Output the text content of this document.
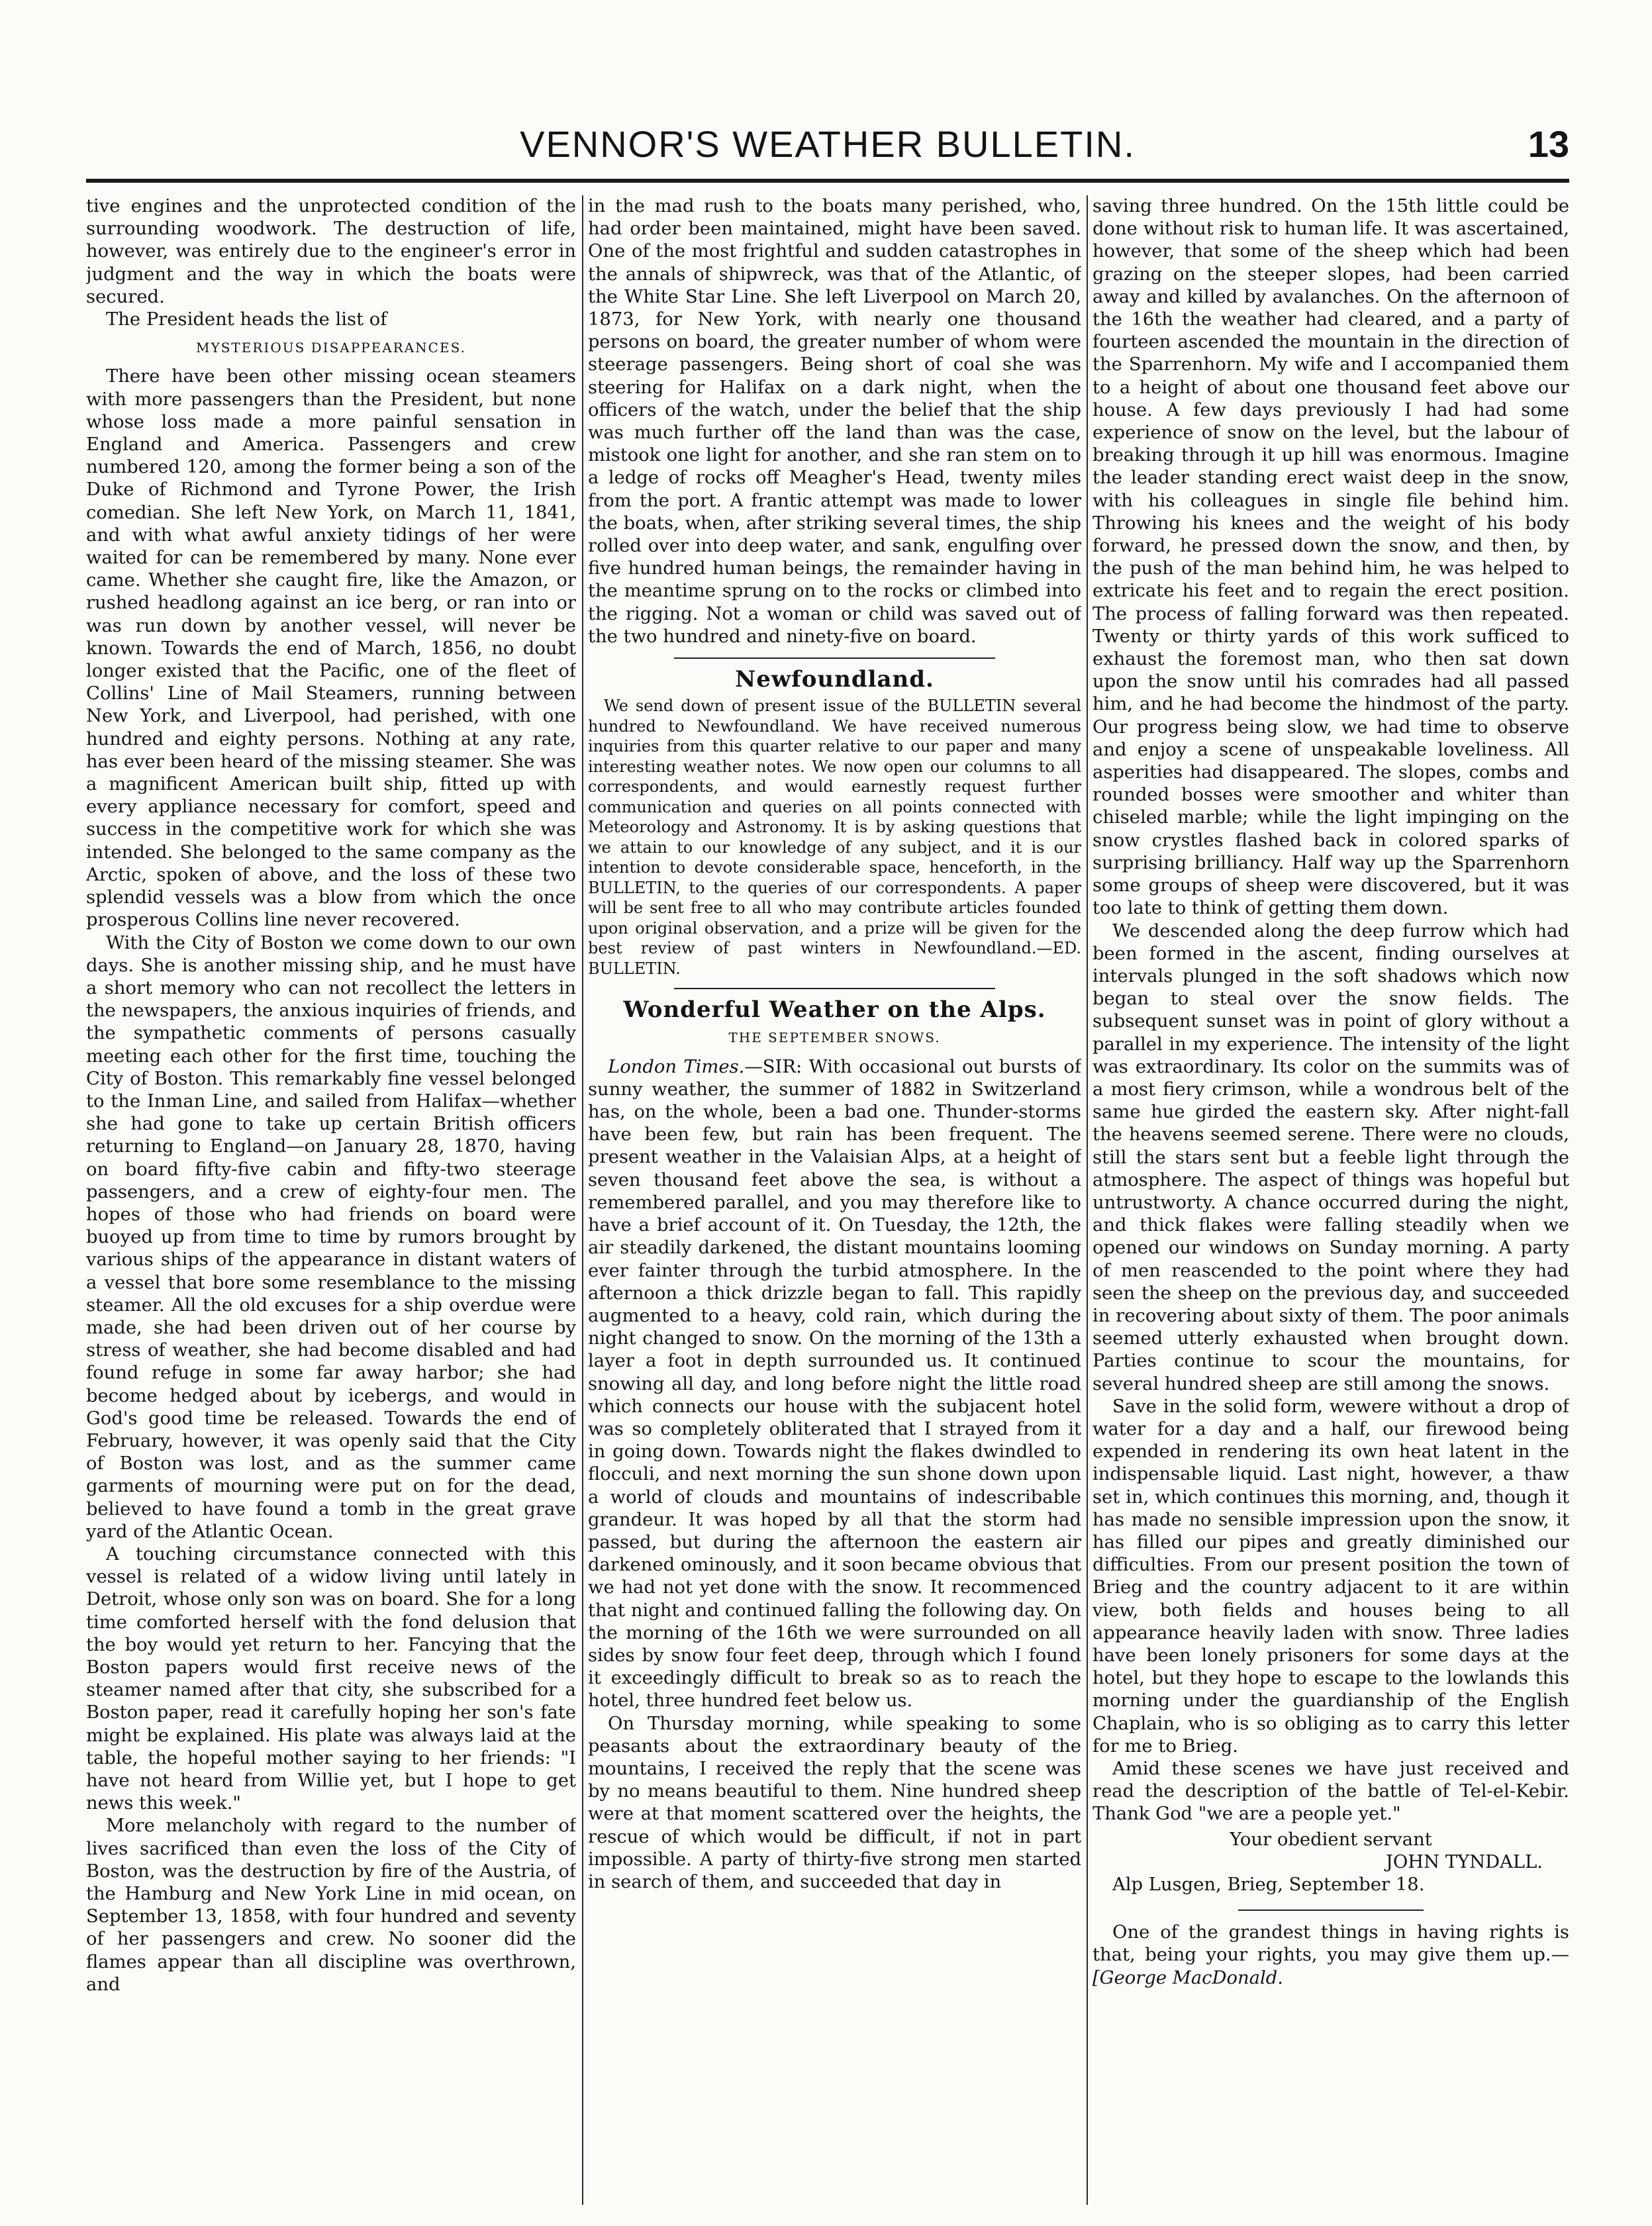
VENNOR'S WEATHER BULLETIN.	13

tive engines and the unprotected condition of the surrounding woodwork. The destruction of life, however, was entirely due to the engineer's error in judgment and the way in which the boats were secured.

The President heads the list of

MYSTERIOUS DISAPPEARANCES.

There have been other missing ocean steamers with more passengers than the President, but none whose loss made a more painful sensation in England and America. Passengers and crew numbered 120, among the former being a son of the Duke of Richmond and Tyrone Power, the Irish comedian. She left New York, on March 11, 1841, and with what awful anxiety tidings of her were waited for can be remembered by many. None ever came. Whether she caught fire, like the Amazon, or rushed headlong against an ice berg, or ran into or was run down by another vessel, will never be known. Towards the end of March, 1856, no doubt longer existed that the Pacific, one of the fleet of Collins' Line of Mail Steamers, running between New York, and Liverpool, had perished, with one hundred and eighty persons. Nothing at any rate, has ever been heard of the missing steamer. She was a magnificent American built ship, fitted up with every appliance necessary for comfort, speed and success in the competitive work for which she was intended. She belonged to the same company as the Arctic, spoken of above, and the loss of these two splendid vessels was a blow from which the once prosperous Collins line never recovered.

With the City of Boston we come down to our own days. She is another missing ship, and he must have a short memory who can not recollect the letters in the newspapers, the anxious inquiries of friends, and the sympathetic comments of persons casually meeting each other for the first time, touching the City of Boston. This remarkably fine vessel belonged to the Inman Line, and sailed from Halifax—whether she had gone to take up certain British officers returning to England—on January 28, 1870, having on board fifty-five cabin and fifty-two steerage passengers, and a crew of eighty-four men. The hopes of those who had friends on board were buoyed up from time to time by rumors brought by various ships of the appearance in distant waters of a vessel that bore some resemblance to the missing steamer. All the old excuses for a ship overdue were made, she had been driven out of her course by stress of weather, she had become disabled and had found refuge in some far away harbor; she had become hedged about by icebergs, and would in God's good time be released. Towards the end of February, however, it was openly said that the City of Boston was lost, and as the summer came garments of mourning were put on for the dead, believed to have found a tomb in the great grave yard of the Atlantic Ocean.

A touching circumstance connected with this vessel is related of a widow living until lately in Detroit, whose only son was on board. She for a long time comforted herself with the fond delusion that the boy would yet return to her. Fancying that the Boston papers would first receive news of the steamer named after that city, she subscribed for a Boston paper, read it carefully hoping her son's fate might be explained. His plate was always laid at the table, the hopeful mother saying to her friends: "I have not heard from Willie yet, but I hope to get news this week."

More melancholy with regard to the number of lives sacrificed than even the loss of the City of Boston, was the destruction by fire of the Austria, of the Hamburg and New York Line in mid ocean, on September 13, 1858, with four hundred and seventy of her passengers and crew. No sooner did the flames appear than all discipline was overthrown, and

in the mad rush to the boats many perished, who, had order been maintained, might have been saved. One of the most frightful and sudden catastrophes in the annals of shipwreck, was that of the Atlantic, of the White Star Line. She left Liverpool on March 20, 1873, for New York, with nearly one thousand persons on board, the greater number of whom were steerage passengers. Being short of coal she was steering for Halifax on a dark night, when the officers of the watch, under the belief that the ship was much further off the land than was the case, mistook one light for another, and she ran stem on to a ledge of rocks off Meagher's Head, twenty miles from the port. A frantic attempt was made to lower the boats, when, after striking several times, the ship rolled over into deep water, and sank, engulfing over five hundred human beings, the remainder having in the meantime sprung on to the rocks or climbed into the rigging. Not a woman or child was saved out of the two hundred and ninety-five on board.

Newfoundland.

We send down of present issue of the BULLETIN several hundred to Newfoundland. We have received numerous inquiries from this quarter relative to our paper and many interesting weather notes. We now open our columns to all correspondents, and would earnestly request further communication and queries on all points connected with Meteorology and Astronomy. It is by asking questions that we attain to our knowledge of any subject, and it is our intention to devote considerable space, henceforth, in the BULLETIN, to the queries of our correspondents. A paper will be sent free to all who may contribute articles founded upon original observation, and a prize will be given for the best review of past winters in Newfoundland.—ED. BULLETIN.

Wonderful Weather on the Alps.
THE SEPTEMBER SNOWS.

London Times.—SIR: With occasional out bursts of sunny weather, the summer of 1882 in Switzerland has, on the whole, been a bad one. Thunder-storms have been few, but rain has been frequent. The present weather in the Valaisian Alps, at a height of seven thousand feet above the sea, is without a remembered parallel, and you may therefore like to have a brief account of it. On Tuesday, the 12th, the air steadily darkened, the distant mountains looming ever fainter through the turbid atmosphere. In the afternoon a thick drizzle began to fall. This rapidly augmented to a heavy, cold rain, which during the night changed to snow. On the morning of the 13th a layer a foot in depth surrounded us. It continued snowing all day, and long before night the little road which connects our house with the subjacent hotel was so completely obliterated that I strayed from it in going down. Towards night the flakes dwindled to flocculi, and next morning the sun shone down upon a world of clouds and mountains of indescribable grandeur. It was hoped by all that the storm had passed, but during the afternoon the eastern air darkened ominously, and it soon became obvious that we had not yet done with the snow. It recommenced that night and continued falling the following day. On the morning of the 16th we were surrounded on all sides by snow four feet deep, through which I found it exceedingly difficult to break so as to reach the hotel, three hundred feet below us.

On Thursday morning, while speaking to some peasants about the extraordinary beauty of the mountains, I received the reply that the scene was by no means beautiful to them. Nine hundred sheep were at that moment scattered over the heights, the rescue of which would be difficult, if not in part impossible. A party of thirty-five strong men started in search of them, and succeeded that day in

saving three hundred. On the 15th little could be done without risk to human life. It was ascertained, however, that some of the sheep which had been grazing on the steeper slopes, had been carried away and killed by avalanches. On the afternoon of the 16th the weather had cleared, and a party of fourteen ascended the mountain in the direction of the Sparrenhorn. My wife and I accompanied them to a height of about one thousand feet above our house. A few days previously I had had some experience of snow on the level, but the labour of breaking through it up hill was enormous. Imagine the leader standing erect waist deep in the snow, with his colleagues in single file behind him. Throwing his knees and the weight of his body forward, he pressed down the snow, and then, by the push of the man behind him, he was helped to extricate his feet and to regain the erect position. The process of falling forward was then repeated. Twenty or thirty yards of this work sufficed to exhaust the foremost man, who then sat down upon the snow until his comrades had all passed him, and he had become the hindmost of the party. Our progress being slow, we had time to observe and enjoy a scene of unspeakable loveliness. All asperities had disappeared. The slopes, combs and rounded bosses were smoother and whiter than chiseled marble; while the light impinging on the snow crystles flashed back in colored sparks of surprising brilliancy. Half way up the Sparrenhorn some groups of sheep were discovered, but it was too late to think of getting them down.

We descended along the deep furrow which had been formed in the ascent, finding ourselves at intervals plunged in the soft shadows which now began to steal over the snow fields. The subsequent sunset was in point of glory without a parallel in my experience. The intensity of the light was extraordinary. Its color on the summits was of a most fiery crimson, while a wondrous belt of the same hue girded the eastern sky. After night-fall the heavens seemed serene. There were no clouds, still the stars sent but a feeble light through the atmosphere. The aspect of things was hopeful but untrustworty. A chance occurred during the night, and thick flakes were falling steadily when we opened our windows on Sunday morning. A party of men reascended to the point where they had seen the sheep on the previous day, and succeeded in recovering about sixty of them. The poor animals seemed utterly exhausted when brought down. Parties continue to scour the mountains, for several hundred sheep are still among the snows.

Save in the solid form, wewere without a drop of water for a day and a half, our firewood being expended in rendering its own heat latent in the indispensable liquid. Last night, however, a thaw set in, which continues this morning, and, though it has made no sensible impression upon the snow, it has filled our pipes and greatly diminished our difficulties. From our present position the town of Brieg and the country adjacent to it are within view, both fields and houses being to all appearance heavily laden with snow. Three ladies have been lonely prisoners for some days at the hotel, but they hope to escape to the lowlands this morning under the guardianship of the English Chaplain, who is so obliging as to carry this letter for me to Brieg.

Amid these scenes we have just received and read the description of the battle of Tel-el-Kebir. Thank God "we are a people yet."

Your obedient servant
JOHN TYNDALL.
Alp Lusgen, Brieg, September 18.

One of the grandest things in having rights is that, being your rights, you may give them up.—[George MacDonald.
